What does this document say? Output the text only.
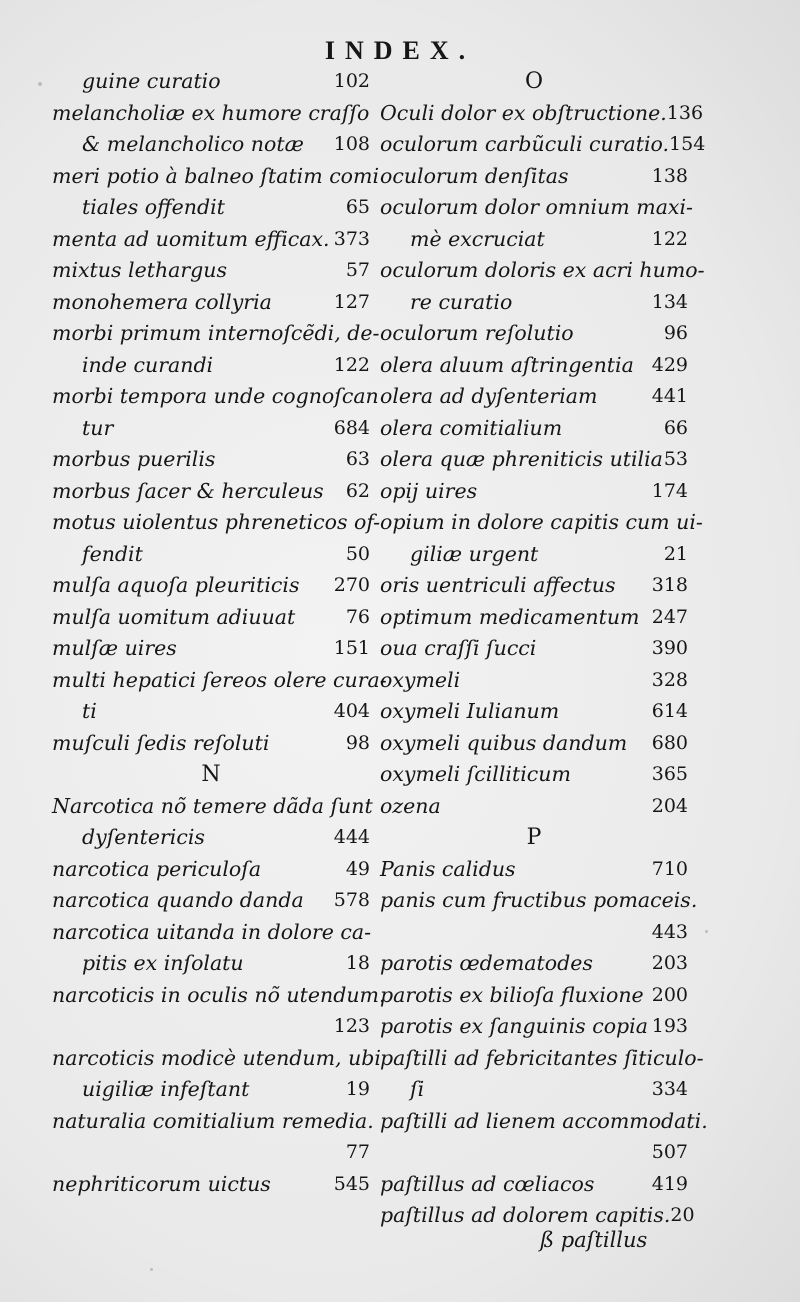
INDEX.
guine curatio	102
melancholiæ ex humore craſſo
& melancholico notæ 108
meri potio à balneo ſtatim comi
tiales offendit	65
menta ad uomitum efficax. 373
mixtus lethargus	57
monohemera collyria	127
morbi primum internoſcẽdi, de-
inde curandi	122
morbi tempora unde cognoſcan
tur	684
morbus puerilis	63
morbus ſacer & herculeus 62
motus uiolentus phreneticos of-
fendit	50
mulſa aquoſa pleuriticis 270
mulſa uomitum adiuuat	76
mulſæ uires	151
multi hepatici ſereos olere cura-
ti	404
muſculi ſedis reſoluti	98
N
Narcotica nõ temere dãda ſunt
dyſentericis	444
narcotica periculoſa	49
narcotica quando danda 578
narcotica uitanda in dolore ca-
pitis ex inſolatu	18
narcoticis in oculis nõ utendum.
123
narcoticis modicè utendum, ubi
uigiliæ infeſtant	19
naturalia comitialium remedia.
77
nephriticorum uictus	545
O
Oculi dolor ex obſtructione. 136
oculorum carbũculi curatio. 154
oculorum denſitas	138
oculorum dolor omnium maxi-
mè excruciat	122
oculorum doloris ex acri humo-
re curatio	134
oculorum reſolutio	96
olera aluum aſtringentia 429
olera ad dyſenteriam	441
olera comitialium	66
olera quæ phreniticis utilia 53
opij uires	174
opium in dolore capitis cum ui-
giliæ urgent	21
oris uentriculi affectus 318
optimum medicamentum 247
oua craſſi ſucci	390
oxymeli	328
oxymeli Iulianum	614
oxymeli quibus dandum 680
oxymeli ſcilliticum	365
ozena	204
P
Panis calidus	710
panis cum fructibus pomaceis.
443
parotis œdematodes	203
parotis ex bilioſa fluxione 200
parotis ex ſanguinis copia 193
paſtilli ad febricitantes ſiticulo-
ſi	334
paſtilli ad lienem accommodati.
507
paſtillus ad cœliacos	419
paſtillus ad dolorem capitis. 20
ß paſtillus
